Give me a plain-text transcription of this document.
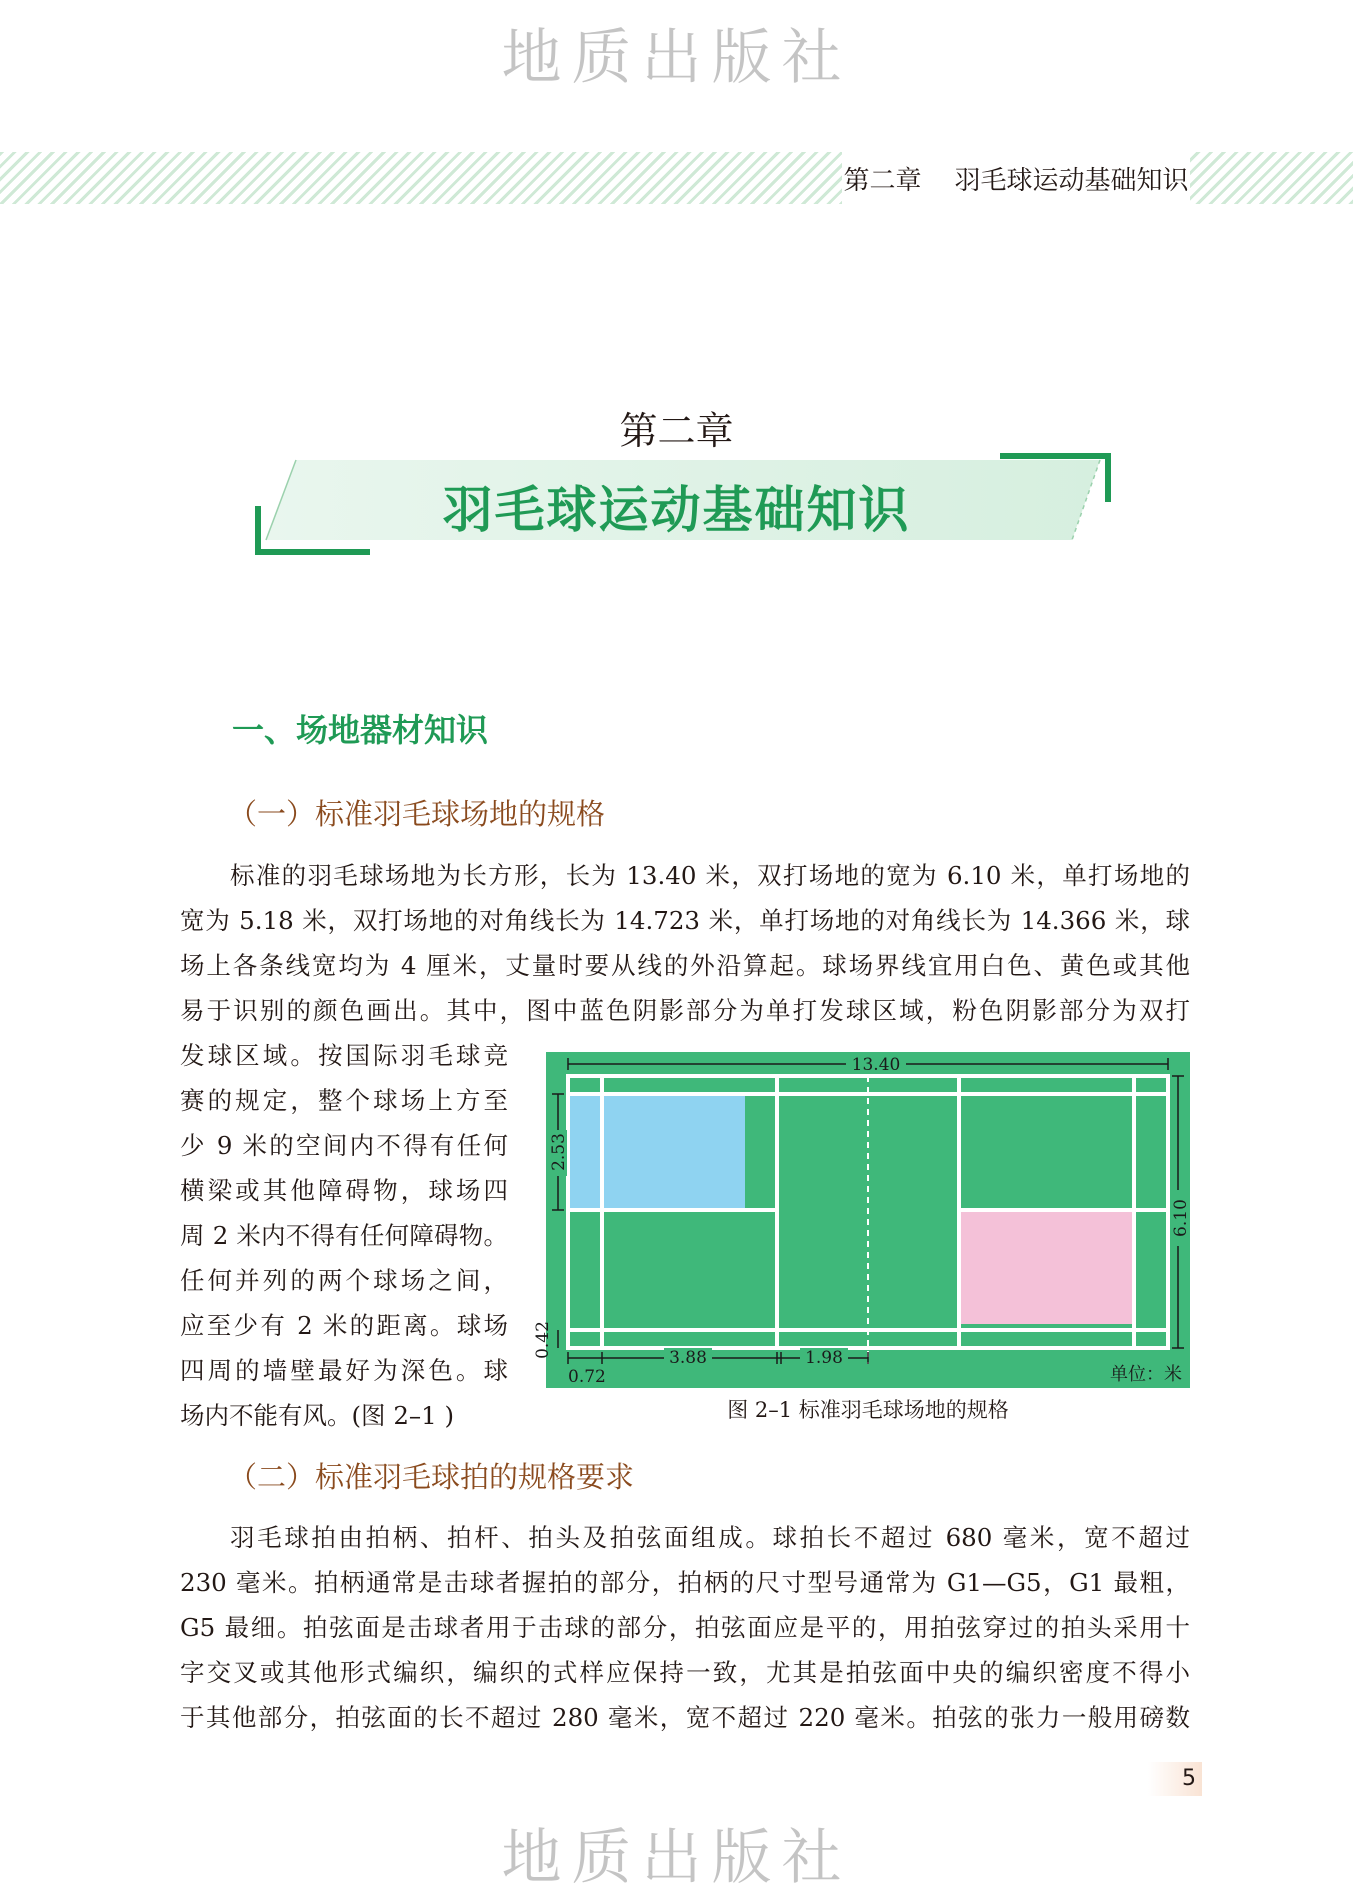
地质出版社
地质出版社
第二章    羽毛球运动基础知识
第二章
羽毛球运动基础知识
一、场地器材知识
（一）标准羽毛球场地的规格
标准的羽毛球场地为长方形，长为 13.40 米，双打场地的宽为 6.10 米，单打场地的
宽为 5.18 米，双打场地的对角线长为 14.723 米，单打场地的对角线长为 14.366 米，球
场上各条线宽均为 4 厘米，丈量时要从线的外沿算起。球场界线宜用白色、黄色或其他
易于识别的颜色画出。其中，图中蓝色阴影部分为单打发球区域，粉色阴影部分为双打
发球区域。按国际羽毛球竞
赛的规定，整个球场上方至
少 9 米的空间内不得有任何
横梁或其他障碍物，球场四
周 2 米内不得有任何障碍物。
任何并列的两个球场之间，
应至少有 2 米的距离。球场
四周的墙壁最好为深色。球
场内不能有风。(图 2–1 )
13.40
6.10
2.53
0.42
0.72
3.88	1.98
单位：米
图 2–1 标准羽毛球场地的规格
（二）标准羽毛球拍的规格要求
羽毛球拍由拍柄、拍杆、拍头及拍弦面组成。球拍长不超过 680 毫米，宽不超过
230 毫米。拍柄通常是击球者握拍的部分，拍柄的尺寸型号通常为 G1—G5，G1 最粗，
G5 最细。拍弦面是击球者用于击球的部分，拍弦面应是平的，用拍弦穿过的拍头采用十
字交叉或其他形式编织，编织的式样应保持一致，尤其是拍弦面中央的编织密度不得小
于其他部分，拍弦面的长不超过 280 毫米，宽不超过 220 毫米。拍弦的张力一般用磅数
5
